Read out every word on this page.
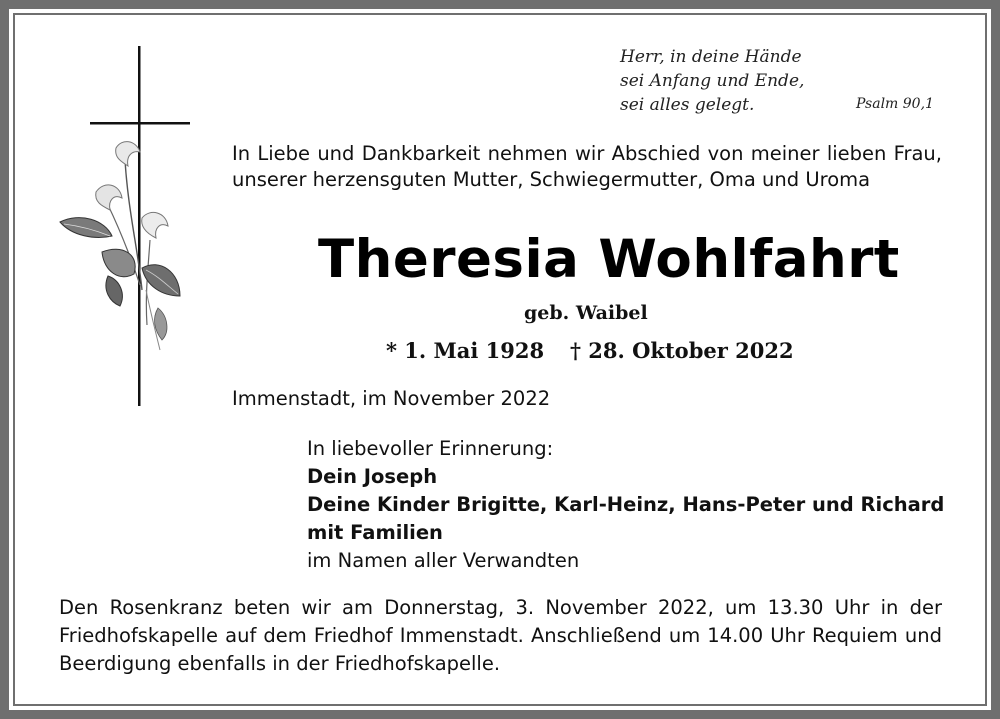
Herr, in deine Hände
sei Anfang und Ende,
sei alles gelegt.	Psalm 90,1
In Liebe und Dankbarkeit nehmen wir Abschied von meiner lieben Frau, unserer herzensguten Mutter, Schwiegermutter, Oma und Uroma
Theresia Wohlfahrt
geb. Waibel
* 1. Mai 1928 † 28. Oktober 2022
Immenstadt, im November 2022
In liebevoller Erinnerung:
Dein Joseph
Deine Kinder Brigitte, Karl-Heinz, Hans-Peter und Richard
mit Familien
im Namen aller Verwandten
Den Rosenkranz beten wir am Donnerstag, 3. November 2022, um 13.30 Uhr in der Friedhofskapelle auf dem Friedhof Immenstadt. Anschließend um 14.00 Uhr Requiem und Beerdigung ebenfalls in der Friedhofskapelle.
